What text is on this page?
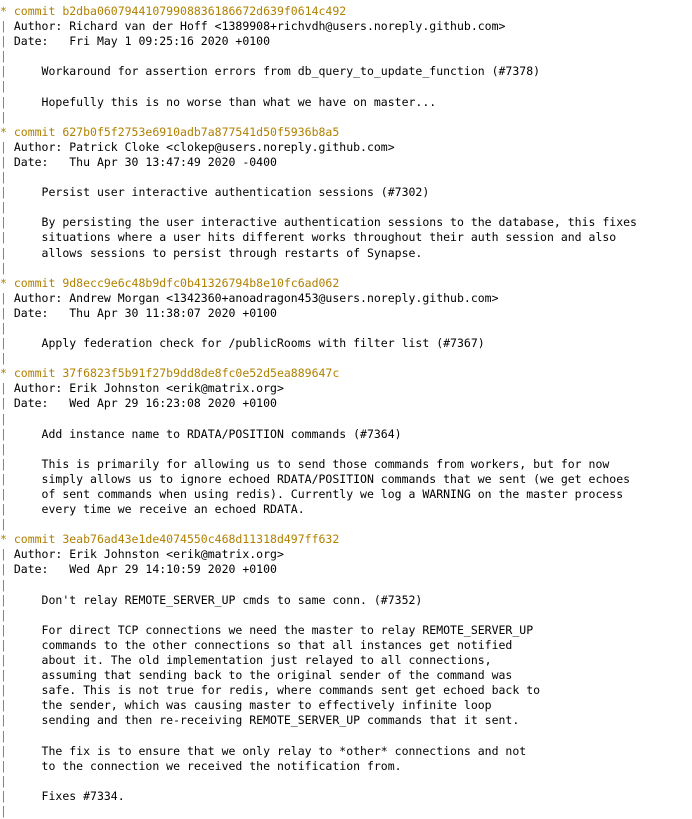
* commit b2dba06079441079908836186672d639f0614c492
| Author: Richard van der Hoff <1389908+richvdh@users.noreply.github.com>
| Date:   Fri May 1 09:25:16 2020 +0100
|
|     Workaround for assertion errors from db_query_to_update_function (#7378)
|
|     Hopefully this is no worse than what we have on master...
|
* commit 627b0f5f2753e6910adb7a877541d50f5936b8a5
| Author: Patrick Cloke <clokep@users.noreply.github.com>
| Date:   Thu Apr 30 13:47:49 2020 -0400
|
|     Persist user interactive authentication sessions (#7302)
|
|     By persisting the user interactive authentication sessions to the database, this fixes
|     situations where a user hits different works throughout their auth session and also
|     allows sessions to persist through restarts of Synapse.
|
* commit 9d8ecc9e6c48b9dfc0b41326794b8e10fc6ad062
| Author: Andrew Morgan <1342360+anoadragon453@users.noreply.github.com>
| Date:   Thu Apr 30 11:38:07 2020 +0100
|
|     Apply federation check for /publicRooms with filter list (#7367)
|
* commit 37f6823f5b91f27b9dd8de8fc0e52d5ea889647c
| Author: Erik Johnston <erik@matrix.org>
| Date:   Wed Apr 29 16:23:08 2020 +0100
|
|     Add instance name to RDATA/POSITION commands (#7364)
|
|     This is primarily for allowing us to send those commands from workers, but for now
|     simply allows us to ignore echoed RDATA/POSITION commands that we sent (we get echoes
|     of sent commands when using redis). Currently we log a WARNING on the master process
|     every time we receive an echoed RDATA.
|
* commit 3eab76ad43e1de4074550c468d11318d497ff632
| Author: Erik Johnston <erik@matrix.org>
| Date:   Wed Apr 29 14:10:59 2020 +0100
|
|     Don't relay REMOTE_SERVER_UP cmds to same conn. (#7352)
|
|     For direct TCP connections we need the master to relay REMOTE_SERVER_UP
|     commands to the other connections so that all instances get notified
|     about it. The old implementation just relayed to all connections,
|     assuming that sending back to the original sender of the command was
|     safe. This is not true for redis, where commands sent get echoed back to
|     the sender, which was causing master to effectively infinite loop
|     sending and then re-receiving REMOTE_SERVER_UP commands that it sent.
|
|     The fix is to ensure that we only relay to *other* connections and not
|     to the connection we received the notification from.
|
|     Fixes #7334.
|
